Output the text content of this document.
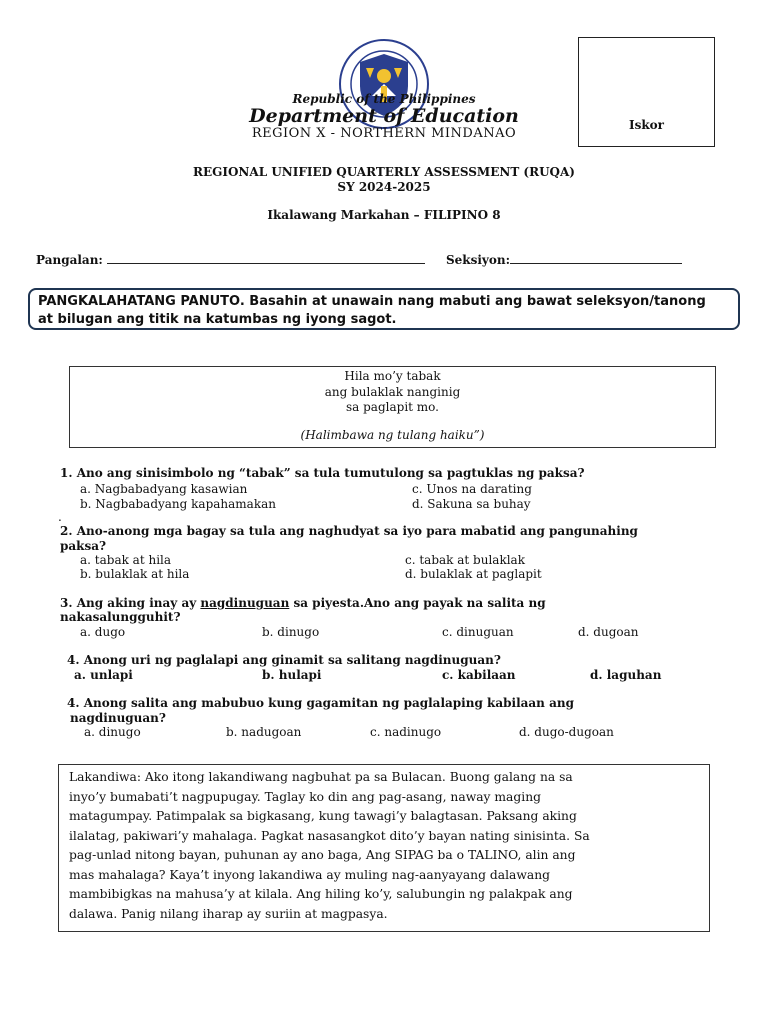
Republic of the Philippines
Department of Education
REGION X - NORTHERN MINDANAO
Iskor
REGIONAL UNIFIED QUARTERLY ASSESSMENT (RUQA)
SY 2024-2025
Ikalawang Markahan – FILIPINO 8
Pangalan:	Seksiyon:
PANGKALAHATANG PANUTO. Basahin at unawain nang mabuti ang bawat seleksyon/tanong
at bilugan ang titik na katumbas ng iyong sagot.
Hila mo’y tabak
ang bulaklak nanginig
sa paglapit mo.
(Halimbawa ng tulang haiku”)
1. Ano ang sinisimbolo ng “tabak” sa tula tumutulong sa pagtuklas ng paksa?
a. Nagbabadyang kasawian	c. Unos na darating
b. Nagbabadyang kapahamakan	d. Sakuna sa buhay
.
2. Ano-anong mga bagay sa tula ang naghudyat sa iyo para mabatid ang pangunahing
paksa?
a. tabak at hila	c. tabak at bulaklak
b. bulaklak at hila	d. bulaklak at paglapit
3. Ang aking inay ay nagdinuguan sa piyesta.Ano ang payak na salita ng
nakasalungguhit?
a. dugo	b. dinugo	c. dinuguan	d. dugoan
4. Anong uri ng paglalapi ang ginamit sa salitang nagdinuguan?
a. unlapi	b. hulapi	c. kabilaan	d. laguhan
4. Anong salita ang mabubuo kung gagamitan ng paglalaping kabilaan ang
nagdinuguan?
a. dinugo	b. nadugoan	c. nadinugo	d. dugo-dugoan
Lakandiwa: Ako itong lakandiwang nagbuhat pa sa Bulacan. Buong galang na sa
inyo’y bumabati’t nagpupugay. Taglay ko din ang pag-asang, naway maging
matagumpay. Patimpalak sa bigkasang, kung tawagi’y balagtasan. Paksang aking
ilalatag, pakiwari’y mahalaga. Pagkat nasasangkot dito’y bayan nating sinisinta. Sa
pag-unlad nitong bayan, puhunan ay ano baga, Ang SIPAG ba o TALINO, alin ang
mas mahalaga? Kaya’t inyong lakandiwa ay muling nag-aanyayang dalawang
mambibigkas na mahusa’y at kilala. Ang hiling ko’y, salubungin ng palakpak ang
dalawa. Panig nilang iharap ay suriin at magpasya.
